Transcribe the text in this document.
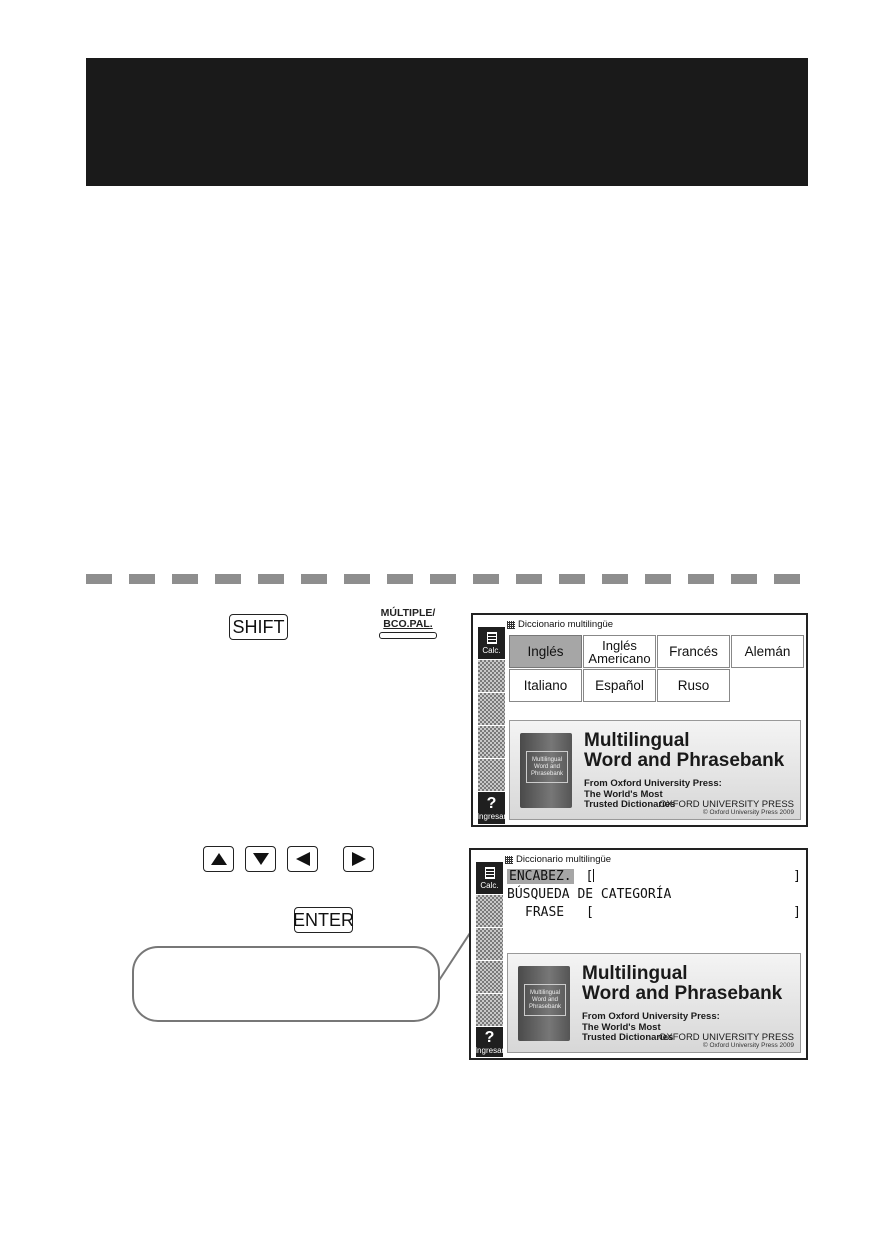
SHIFT
MÚLTIPLE/
BCO.PAL.	Diccionario multilingüe
Calc.
?
Ingresar
Inglés	Inglés Americano	Francés	Alemán
Italiano	Español	Ruso
Multilingual Word and Phrasebank
Multilingual
Word and Phrasebank
From Oxford University Press:
The World's Most
Trusted Dictionaries
OXFORD UNIVERSITY PRESS
© Oxford University Press 2009
ENTER
Diccionario multilingüe
Calc.
?
Ingresar
ENCABEZ. [	]
BÚSQUEDA DE CATEGORÍA
FRASE [	]
Multilingual Word and Phrasebank
Multilingual
Word and Phrasebank
From Oxford University Press:
The World's Most
Trusted Dictionaries
OXFORD UNIVERSITY PRESS
© Oxford University Press 2009
